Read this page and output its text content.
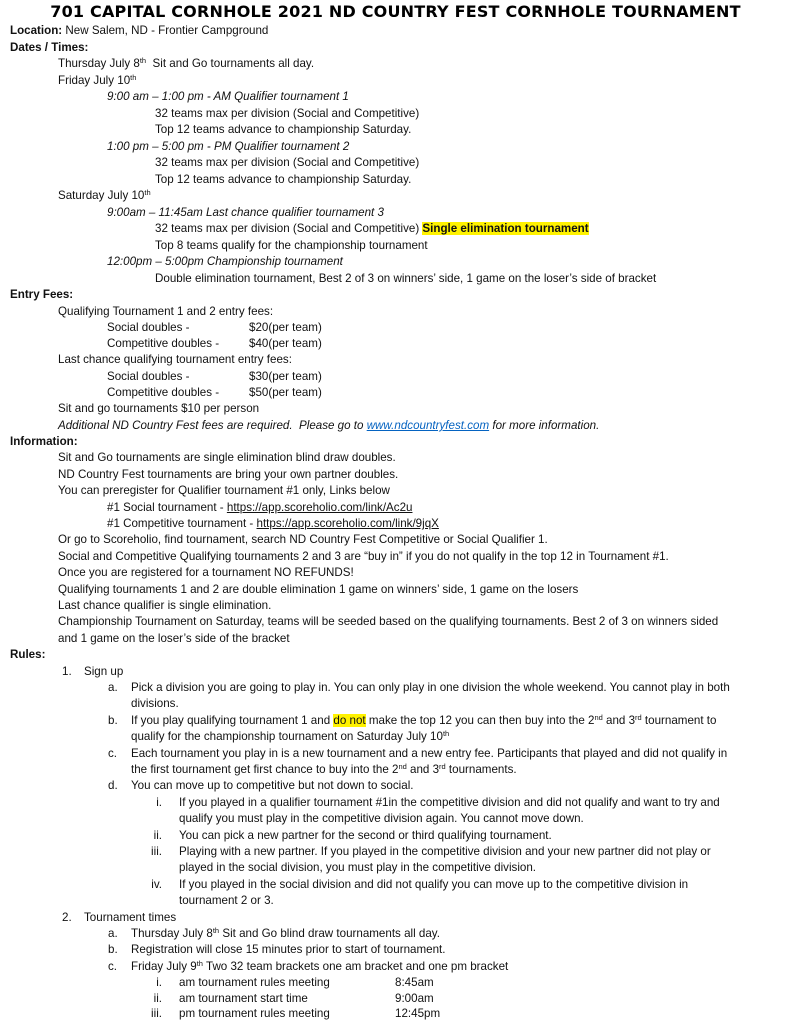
701 CAPITAL CORNHOLE 2021 ND COUNTRY FEST CORNHOLE TOURNAMENT
Location: New Salem, ND - Frontier Campground
Dates / Times:
Thursday July 8th  Sit and Go tournaments all day.
Friday July 10th
9:00 am – 1:00 pm - AM Qualifier tournament 1
32 teams max per division (Social and Competitive)
Top 12 teams advance to championship Saturday.
1:00 pm – 5:00 pm - PM Qualifier tournament 2
32 teams max per division (Social and Competitive)
Top 12 teams advance to championship Saturday.
Saturday July 10th
9:00am – 11:45am Last chance qualifier tournament 3
32 teams max per division (Social and Competitive) Single elimination tournament
Top 8 teams qualify for the championship tournament
12:00pm – 5:00pm Championship tournament
Double elimination tournament, Best 2 of 3 on winners’ side, 1 game on the loser’s side of bracket
Entry Fees:
Qualifying Tournament 1 and 2 entry fees:
Social doubles -	$20(per team)
Competitive doubles -	$40(per team)
Last chance qualifying tournament entry fees:
Social doubles -	$30(per team)
Competitive doubles -	$50(per team)
Sit and go tournaments $10 per person
Additional ND Country Fest fees are required.  Please go to www.ndcountryfest.com for more information.
Information:
Sit and Go tournaments are single elimination blind draw doubles.
ND Country Fest tournaments are bring your own partner doubles.
You can preregister for Qualifier tournament #1 only, Links below
#1 Social tournament - https://app.scoreholio.com/link/Ac2u
#1 Competitive tournament - https://app.scoreholio.com/link/9jqX
Or go to Scoreholio, find tournament, search ND Country Fest Competitive or Social Qualifier 1.
Social and Competitive Qualifying tournaments 2 and 3 are “buy in” if you do not qualify in the top 12 in Tournament #1.
Once you are registered for a tournament NO REFUNDS!
Qualifying tournaments 1 and 2 are double elimination 1 game on winners’ side, 1 game on the losers
Last chance qualifier is single elimination.
Championship Tournament on Saturday, teams will be seeded based on the qualifying tournaments. Best 2 of 3 on winners sided
and 1 game on the loser’s side of the bracket
Rules:
1. Sign up
a. Pick a division you are going to play in. You can only play in one division the whole weekend. You cannot play in both
divisions.
b. If you play qualifying tournament 1 and do not make the top 12 you can then buy into the 2nd and 3rd tournament to
qualify for the championship tournament on Saturday July 10th
c. Each tournament you play in is a new tournament and a new entry fee. Participants that played and did not qualify in
the first tournament get first chance to buy into the 2nd and 3rd tournaments.
d. You can move up to competitive but not down to social.
i. If you played in a qualifier tournament #1in the competitive division and did not qualify and want to try and
qualify you must play in the competitive division again. You cannot move down.
ii. You can pick a new partner for the second or third qualifying tournament.
iii. Playing with a new partner. If you played in the competitive division and your new partner did not play or
played in the social division, you must play in the competitive division.
iv. If you played in the social division and did not qualify you can move up to the competitive division in
tournament 2 or 3.
2. Tournament times
a. Thursday July 8th Sit and Go blind draw tournaments all day.
b. Registration will close 15 minutes prior to start of tournament.
c. Friday July 9th Two 32 team brackets one am bracket and one pm bracket
i. am tournament rules meeting	8:45am
ii. am tournament start time	9:00am
iii. pm tournament rules meeting	12:45pm
